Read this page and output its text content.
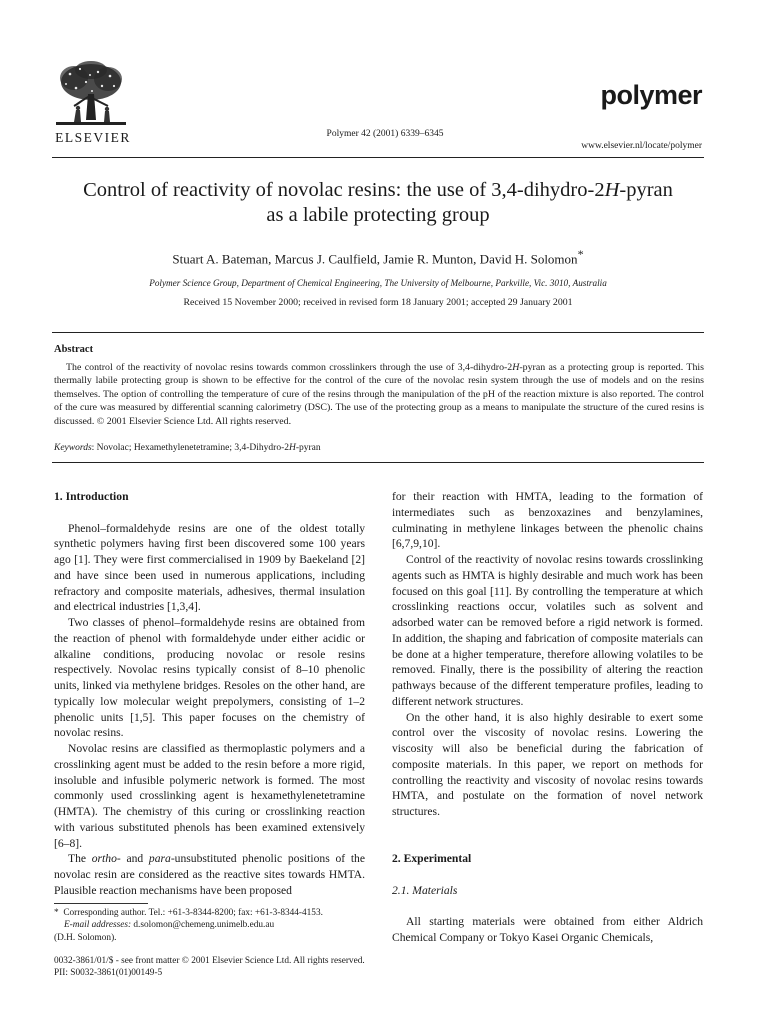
ELSEVIER	Polymer 42 (2001) 6339–6345
polymer
www.elsevier.nl/locate/polymer
Control of reactivity of novolac resins: the use of 3,4-dihydro-2H-pyran
as a labile protecting group
Stuart A. Bateman, Marcus J. Caulfield, Jamie R. Munton, David H. Solomon*
Polymer Science Group, Department of Chemical Engineering, The University of Melbourne, Parkville, Vic. 3010, Australia
Received 15 November 2000; received in revised form 18 January 2001; accepted 29 January 2001
Abstract
The control of the reactivity of novolac resins towards common crosslinkers through the use of 3,4-dihydro-2H-pyran as a protecting group is reported. This thermally labile protecting group is shown to be effective for the control of the cure of the novolac resin system through the use of models and on the resins themselves. The option of controlling the temperature of cure of the resins through the manipulation of the pH of the reaction mixture is also reported. The control of the cure was measured by differential scanning calorimetry (DSC). The use of the protecting group as a means to manipulate the structure of the cured resins is discussed. © 2001 Elsevier Science Ltd. All rights reserved.
Keywords: Novolac; Hexamethylenetetramine; 3,4-Dihydro-2H-pyran
1. Introduction

Phenol–formaldehyde resins are one of the oldest totally synthetic polymers having first been discovered some 100 years ago [1]. They were first commercialised in 1909 by Baekeland [2] and have since been used in numerous applications, including refractory and composite materials, adhesives, thermal insulation and electrical industries [1,3,4].

Two classes of phenol–formaldehyde resins are obtained from the reaction of phenol with formaldehyde under either acidic or alkaline conditions, producing novolac or resole resins respectively. Novolac resins typically consist of 8–10 phenolic units, linked via methylene bridges. Resoles on the other hand, are typically low molecular weight prepolymers, consisting of 1–2 phenolic units [1,5]. This paper focuses on the chemistry of novolac resins.

Novolac resins are classified as thermoplastic polymers and a crosslinking agent must be added to the resin before a more rigid, insoluble and infusible polymeric network is formed. The most commonly used crosslinking agent is hexamethylenetetramine (HMTA). The chemistry of this curing or crosslinking reaction with various substituted phenols has been examined extensively [6–8].

The ortho- and para-unsubstituted phenolic positions of the novolac resin are considered as the reactive sites towards HMTA. Plausible reaction mechanisms have been proposed

for their reaction with HMTA, leading to the formation of intermediates such as benzoxazines and benzylamines, culminating in methylene linkages between the phenolic chains [6,7,9,10].

Control of the reactivity of novolac resins towards crosslinking agents such as HMTA is highly desirable and much work has been focused on this goal [11]. By controlling the temperature at which crosslinking reactions occur, volatiles such as solvent and adsorbed water can be removed before a rigid network is formed. In addition, the shaping and fabrication of composite materials can be done at a higher temperature, therefore allowing volatiles to be removed. Finally, there is the possibility of altering the reaction pathways because of the different temperature profiles, leading to different network structures.

On the other hand, it is also highly desirable to exert some control over the viscosity of novolac resins. Lowering the viscosity will also be beneficial during the fabrication of composite materials. In this paper, we report on methods for controlling the reactivity and viscosity of novolac resins towards HMTA, and postulate on the formation of novel network structures.

2. Experimental

2.1. Materials

All starting materials were obtained from either Aldrich Chemical Company or Tokyo Kasei Organic Chemicals,

* Corresponding author. Tel.: +61-3-8344-8200; fax: +61-3-8344-4153.
E-mail addresses: d.solomon@chemeng.unimelb.edu.au
(D.H. Solomon).
0032-3861/01/$ - see front matter © 2001 Elsevier Science Ltd. All rights reserved.
PII: S0032-3861(01)00149-5
